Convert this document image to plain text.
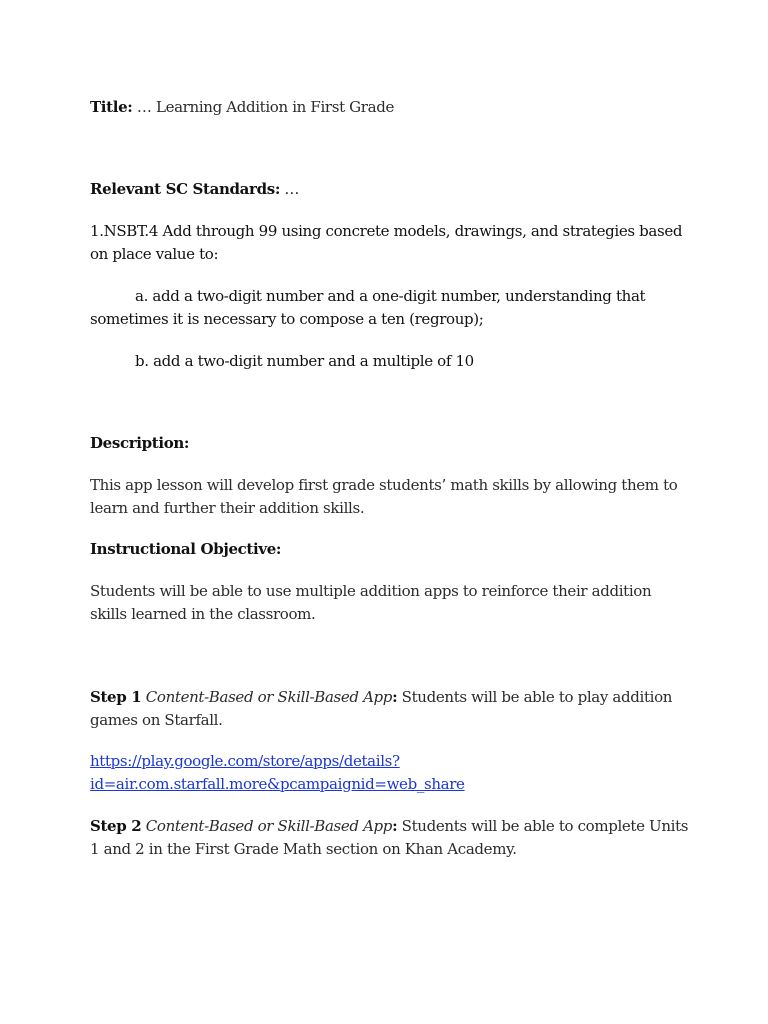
Title: … Learning Addition in First Grade
Relevant SC Standards: …
1.NSBT.4 Add through 99 using concrete models, drawings, and strategies based on place value to:
a. add a two-digit number and a one-digit number, understanding that sometimes it is necessary to compose a ten (regroup);
b. add a two-digit number and a multiple of 10
Description:
This app lesson will develop first grade students’ math skills by allowing them to learn and further their addition skills.
Instructional Objective:
Students will be able to use multiple addition apps to reinforce their addition skills learned in the classroom.
Step 1 Content-Based or Skill-Based App: Students will be able to play addition games on Starfall.
https://play.google.com/store/apps/details?
id=air.com.starfall.more&pcampaignid=web_share
Step 2 Content-Based or Skill-Based App: Students will be able to complete Units 1 and 2 in the First Grade Math section on Khan Academy.
